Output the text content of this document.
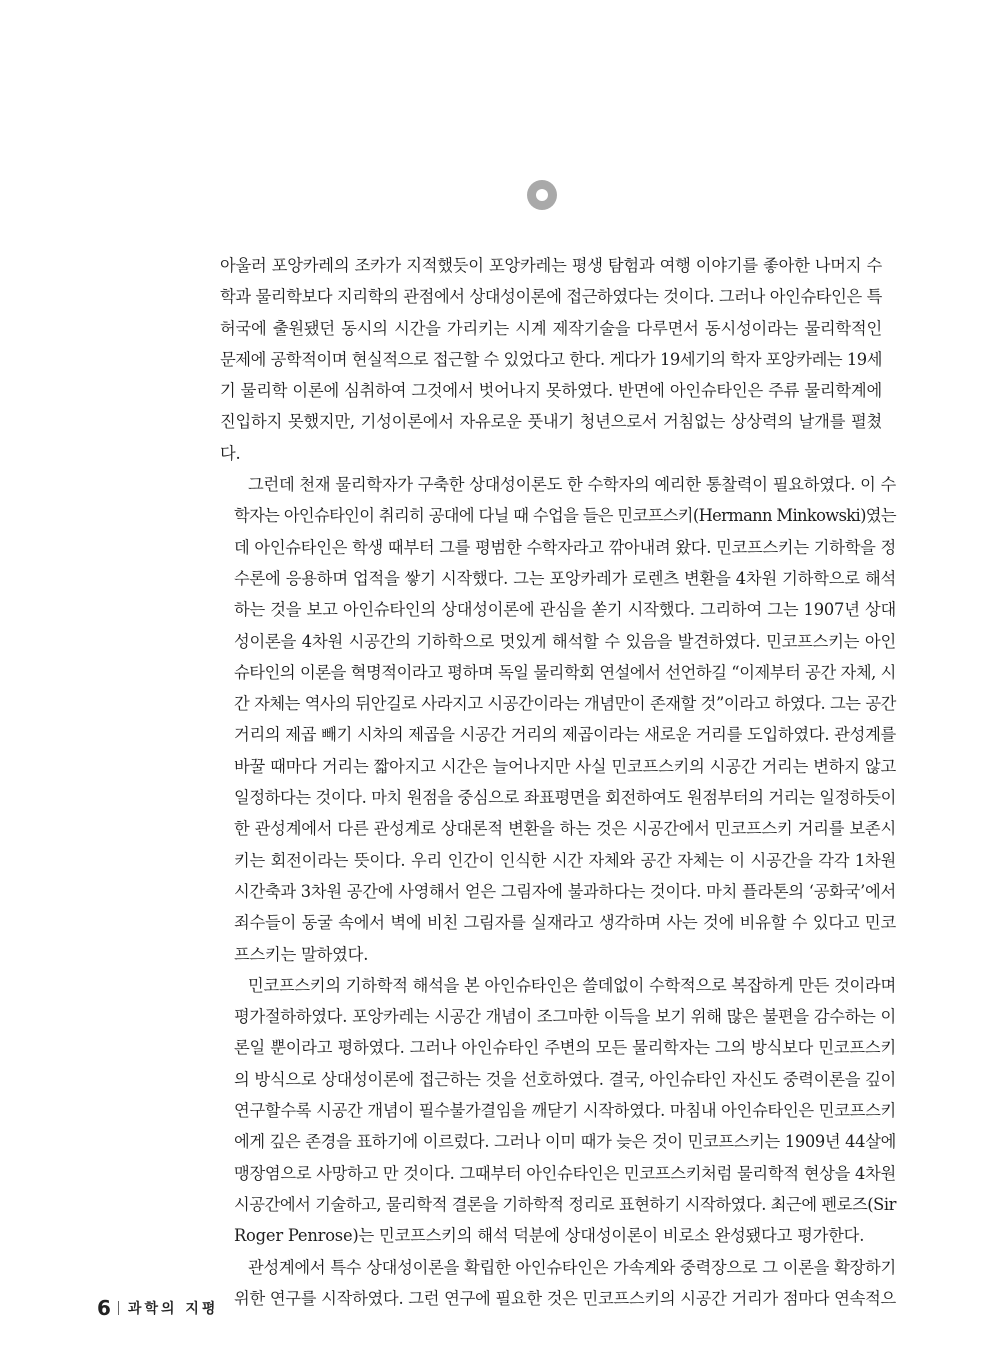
아울러 포앙카레의 조카가 지적했듯이 포앙카레는 평생 탐험과 여행 이야기를 좋아한 나머지 수
학과 물리학보다 지리학의 관점에서 상대성이론에 접근하였다는 것이다. 그러나 아인슈타인은 특
허국에 출원됐던 동시의 시간을 가리키는 시계 제작기술을 다루면서 동시성이라는 물리학적인
문제에 공학적이며 현실적으로 접근할 수 있었다고 한다. 게다가 19세기의 학자 포앙카레는 19세
기 물리학 이론에 심취하여 그것에서 벗어나지 못하였다. 반면에 아인슈타인은 주류 물리학계에
진입하지 못했지만, 기성이론에서 자유로운 풋내기 청년으로서 거침없는 상상력의 날개를 펼쳤
다.
그런데 천재 물리학자가 구축한 상대성이론도 한 수학자의 예리한 통찰력이 필요하였다. 이 수
학자는 아인슈타인이 취리히 공대에 다닐 때 수업을 들은 민코프스키(Hermann Minkowski)였는
데 아인슈타인은 학생 때부터 그를 평범한 수학자라고 깎아내려 왔다. 민코프스키는 기하학을 정
수론에 응용하며 업적을 쌓기 시작했다. 그는 포앙카레가 로렌츠 변환을 4차원 기하학으로 해석
하는 것을 보고 아인슈타인의 상대성이론에 관심을 쏟기 시작했다. 그리하여 그는 1907년 상대
성이론을 4차원 시공간의 기하학으로 멋있게 해석할 수 있음을 발견하였다. 민코프스키는 아인
슈타인의 이론을 혁명적이라고 평하며 독일 물리학회 연설에서 선언하길 “이제부터 공간 자체, 시
간 자체는 역사의 뒤안길로 사라지고 시공간이라는 개념만이 존재할 것”이라고 하였다. 그는 공간
거리의 제곱 빼기 시차의 제곱을 시공간 거리의 제곱이라는 새로운 거리를 도입하였다. 관성계를
바꿀 때마다 거리는 짧아지고 시간은 늘어나지만 사실 민코프스키의 시공간 거리는 변하지 않고
일정하다는 것이다. 마치 원점을 중심으로 좌표평면을 회전하여도 원점부터의 거리는 일정하듯이
한 관성계에서 다른 관성계로 상대론적 변환을 하는 것은 시공간에서 민코프스키 거리를 보존시
키는 회전이라는 뜻이다. 우리 인간이 인식한 시간 자체와 공간 자체는 이 시공간을 각각 1차원
시간축과 3차원 공간에 사영해서 얻은 그림자에 불과하다는 것이다. 마치 플라톤의 ‘공화국’에서
죄수들이 동굴 속에서 벽에 비친 그림자를 실재라고 생각하며 사는 것에 비유할 수 있다고 민코
프스키는 말하였다.
민코프스키의 기하학적 해석을 본 아인슈타인은 쓸데없이 수학적으로 복잡하게 만든 것이라며
평가절하하였다. 포앙카레는 시공간 개념이 조그마한 이득을 보기 위해 많은 불편을 감수하는 이
론일 뿐이라고 평하였다. 그러나 아인슈타인 주변의 모든 물리학자는 그의 방식보다 민코프스키
의 방식으로 상대성이론에 접근하는 것을 선호하였다. 결국, 아인슈타인 자신도 중력이론을 깊이
연구할수록 시공간 개념이 필수불가결임을 깨닫기 시작하였다. 마침내 아인슈타인은 민코프스키
에게 깊은 존경을 표하기에 이르렀다. 그러나 이미 때가 늦은 것이 민코프스키는 1909년 44살에
맹장염으로 사망하고 만 것이다. 그때부터 아인슈타인은 민코프스키처럼 물리학적 현상을 4차원
시공간에서 기술하고, 물리학적 결론을 기하학적 정리로 표현하기 시작하였다. 최근에 펜로즈(Sir
Roger Penrose)는 민코프스키의 해석 덕분에 상대성이론이 비로소 완성됐다고 평가한다.
관성계에서 특수 상대성이론을 확립한 아인슈타인은 가속계와 중력장으로 그 이론을 확장하기
위한 연구를 시작하였다. 그런 연구에 필요한 것은 민코프스키의 시공간 거리가 점마다 연속적으
6 과학의 지평
